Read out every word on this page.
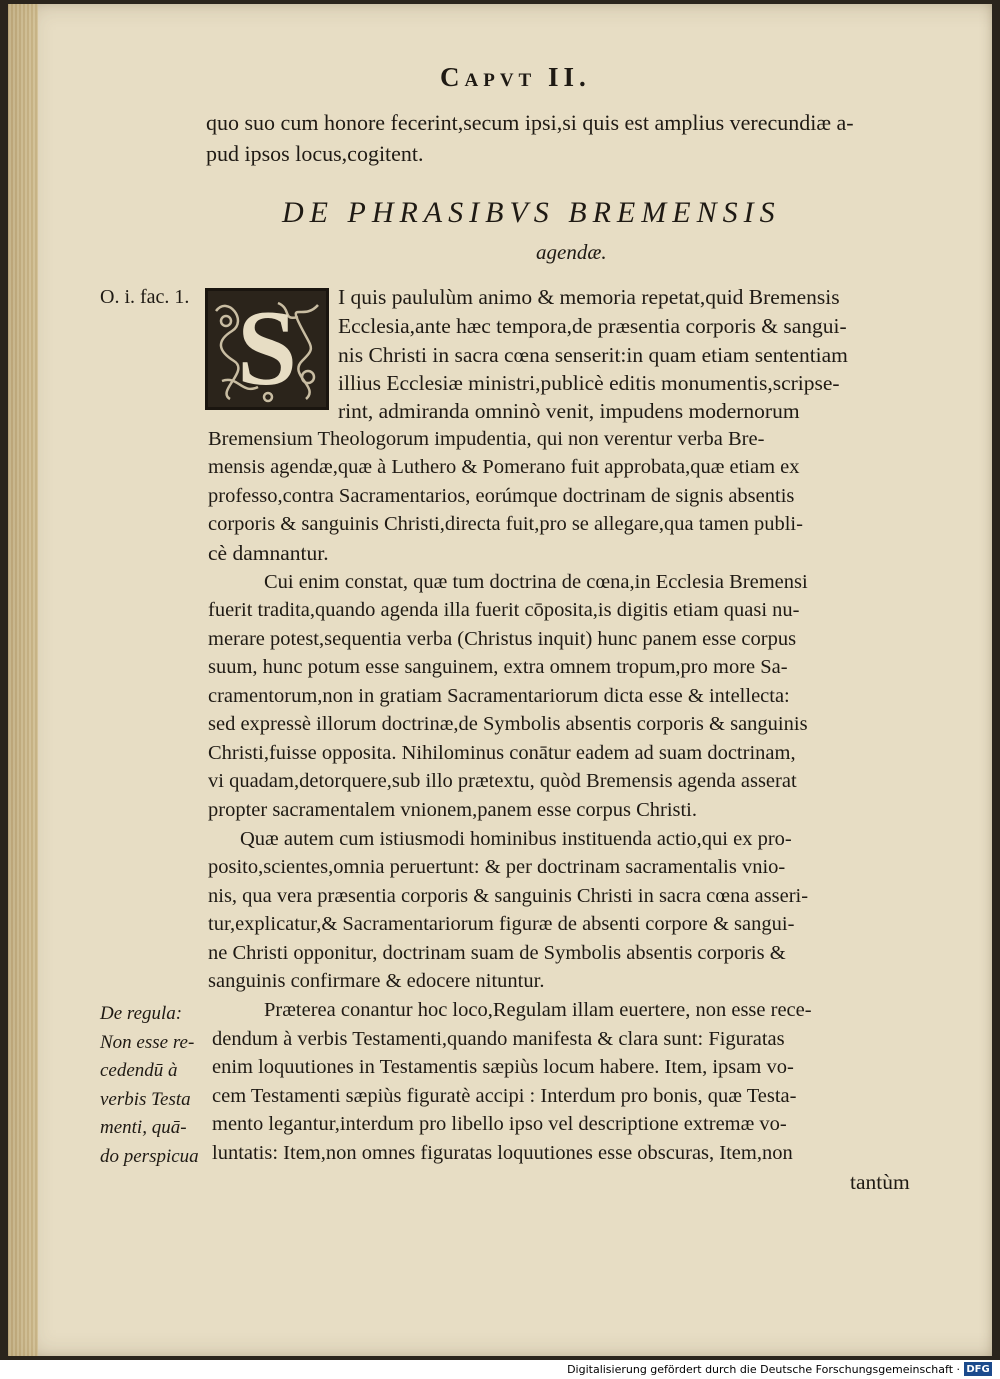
Capvt II.
quo suo cum honore fecerint,secum ipsi,si quis est amplius verecundiæ a-
pud ipsos locus,cogitent.
DE PHRASIBVS BREMENSIS
agendæ.
O. i. fac. 1. S	I quis paululùm animo & memoria repetat,quid Bremensis
Ecclesia,ante hæc tempora,de præsentia corporis & sangui-
nis Christi in sacra cœna senserit:in quam etiam sententiam
illius Ecclesiæ ministri,publicè editis monumentis,scripse-
rint, admiranda omninò venit, impudens modernorum
Bremensium Theologorum impudentia, qui non verentur verba Bre-
mensis agendæ,quæ à Luthero & Pomerano fuit approbata,quæ etiam ex
professo,contra Sacramentarios, eorúmque doctrinam de signis absentis
corporis & sanguinis Christi,directa fuit,pro se allegare,qua tamen publi-
cè damnantur.
Cui enim constat, quæ tum doctrina de cœna,in Ecclesia Bremensi
fuerit tradita,quando agenda illa fuerit cōposita,is digitis etiam quasi nu-
merare potest,sequentia verba (Christus inquit) hunc panem esse corpus
suum, hunc potum esse sanguinem, extra omnem tropum,pro more Sa-
cramentorum,non in gratiam Sacramentariorum dicta esse & intellecta:
sed expressè illorum doctrinæ,de Symbolis absentis corporis & sanguinis
Christi,fuisse opposita. Nihilominus conātur eadem ad suam doctrinam,
vi quadam,detorquere,sub illo prætextu, quòd Bremensis agenda asserat
propter sacramentalem vnionem,panem esse corpus Christi.
Quæ autem cum istiusmodi hominibus instituenda actio,qui ex pro-
posito,scientes,omnia peruertunt: & per doctrinam sacramentalis vnio-
nis, qua vera præsentia corporis & sanguinis Christi in sacra cœna asseri-
tur,explicatur,& Sacramentariorum figuræ de absenti corpore & sangui-
ne Christi opponitur, doctrinam suam de Symbolis absentis corporis &
sanguinis confirmare & edocere nituntur.
Præterea conantur hoc loco,Regulam illam euertere, non esse rece-
dendum à verbis Testamenti,quando manifesta & clara sunt: Figuratas
enim loquutiones in Testamentis sæpiùs locum habere. Item, ipsam vo-
cem Testamenti sæpiùs figuratè accipi : Interdum pro bonis, quæ Testa-
mento legantur,interdum pro libello ipso vel descriptione extremæ vo-
luntatis: Item,non omnes figuratas loquutiones esse obscuras, Item,non
tantùm
De regula:
Non esse re-
cedendū à
verbis Testa
menti, quā-
do perspicua
Digitalisierung gefördert durch die Deutsche Forschungsgemeinschaft · DFG
